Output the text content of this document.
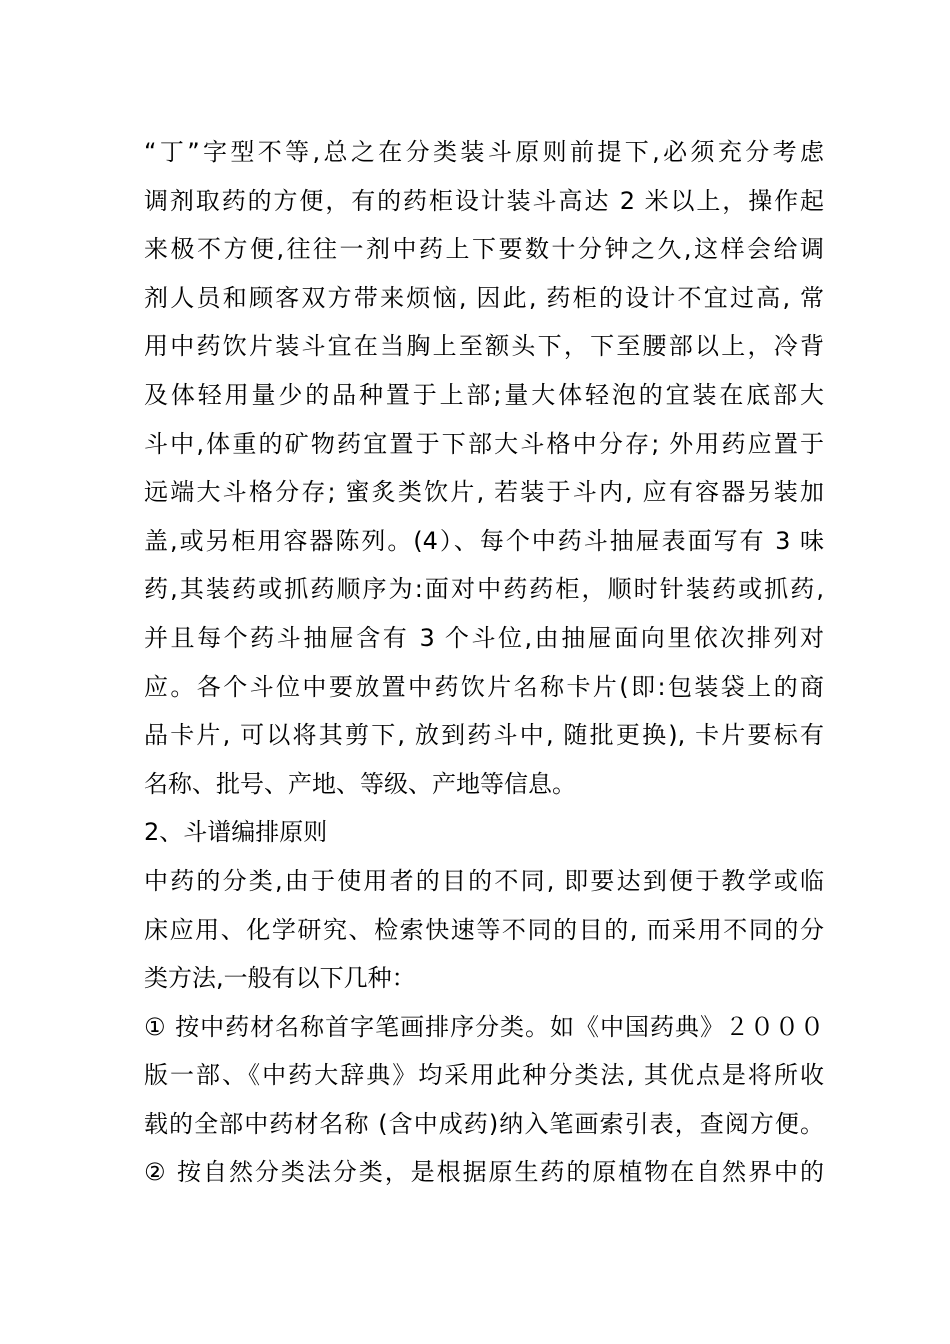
“丁”字型不等,总之在分类装斗原则前提下,必须充分考虑
调剂取药的方便，有的药柜设计装斗高达 2 米以上，操作起
来极不方便,往往一剂中药上下要数十分钟之久,这样会给调
剂人员和顾客双方带来烦恼, 因此, 药柜的设计不宜过高, 常
用中药饮片装斗宜在当胸上至额头下，下至腰部以上，冷背
及体轻用量少的品种置于上部;量大体轻泡的宜装在底部大
斗中,体重的矿物药宜置于下部大斗格中分存; 外用药应置于
远端大斗格分存; 蜜炙类饮片, 若装于斗内, 应有容器另装加
盖,或另柜用容器陈列。(4）、每个中药斗抽屉表面写有 3 味
药,其装药或抓药顺序为:面对中药药柜，顺时针装药或抓药,
并且每个药斗抽屉含有 3 个斗位,由抽屉面向里依次排列对
应。各个斗位中要放置中药饮片名称卡片(即:包装袋上的商
品卡片, 可以将其剪下, 放到药斗中, 随批更换), 卡片要标有
名称、批号、产地、等级、产地等信息。
2、斗谱编排原则
中药的分类,由于使用者的目的不同, 即要达到便于教学或临
床应用、化学研究、检索快速等不同的目的, 而采用不同的分
类方法,一般有以下几种：
① 按中药材名称首字笔画排序分类。如《中国药典》２０００
版一部、《中药大辞典》均采用此种分类法, 其优点是将所收
载的全部中药材名称 (含中成药)纳入笔画索引表，查阅方便。
② 按自然分类法分类，是根据原生药的原植物在自然界中的
